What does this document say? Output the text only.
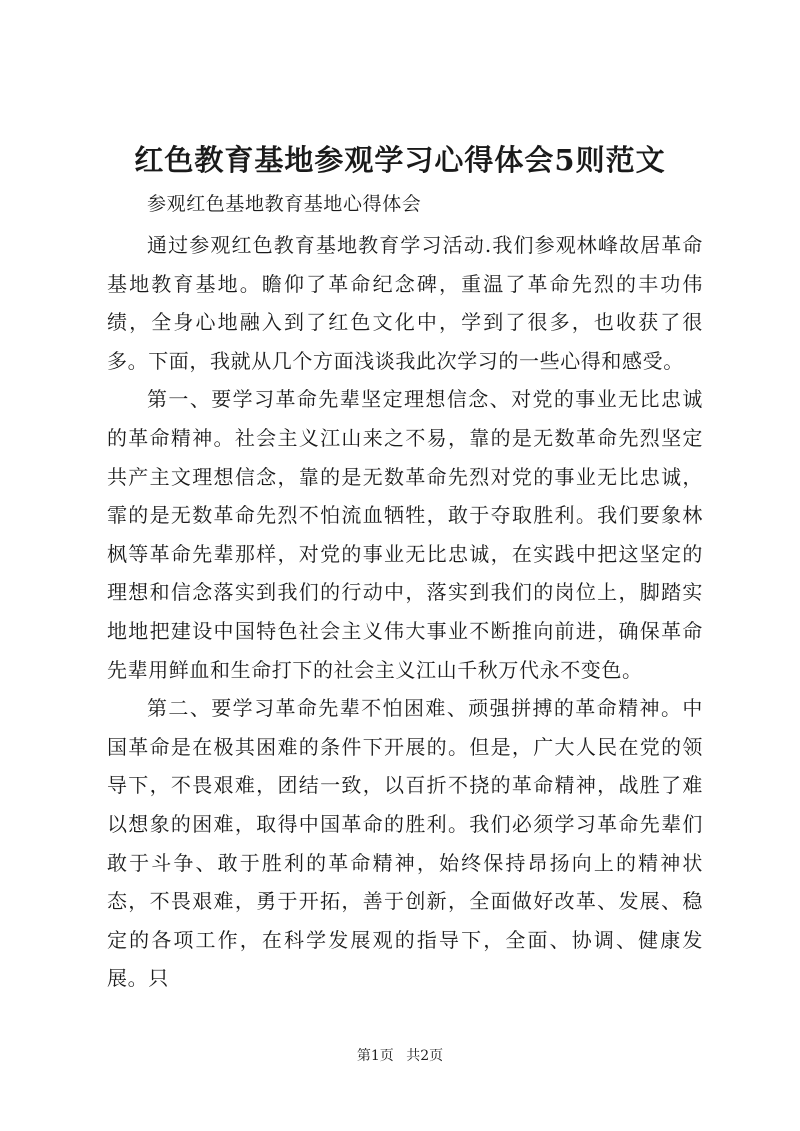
红色教育基地参观学习心得体会5则范文

参观红色基地教育基地心得体会

通过参观红色教育基地教育学习活动.我们参观林峰故居革命基地教育基地。瞻仰了革命纪念碑，重温了革命先烈的丰功伟绩，全身心地融入到了红色文化中，学到了很多，也收获了很多。下面，我就从几个方面浅谈我此次学习的一些心得和感受。

第一、要学习革命先辈坚定理想信念、对党的事业无比忠诚的革命精神。社会主义江山来之不易，靠的是无数革命先烈坚定共产主文理想信念，靠的是无数革命先烈对党的事业无比忠诚，霏的是无数革命先烈不怕流血牺牲，敢于夺取胜利。我们要象林枫等革命先辈那样，对党的事业无比忠诚，在实践中把这坚定的理想和信念落实到我们的行动中，落实到我们的岗位上，脚踏实地地把建设中国特色社会主义伟大事业不断推向前进，确保革命先辈用鲜血和生命打下的社会主义江山千秋万代永不变色。

第二、要学习革命先辈不怕困难、顽强拼搏的革命精神。中国革命是在极其困难的条件下开展的。但是，广大人民在党的领导下，不畏艰难，团结一致，以百折不挠的革命精神，战胜了难以想象的困难，取得中国革命的胜利。我们必须学习革命先辈们敢于斗争、敢于胜利的革命精神，始终保持昂扬向上的精神状态，不畏艰难，勇于开拓，善于创新，全面做好改革、发展、稳定的各项工作，在科学发展观的指导下，全面、协调、健康发展。只

第1页 共2页
